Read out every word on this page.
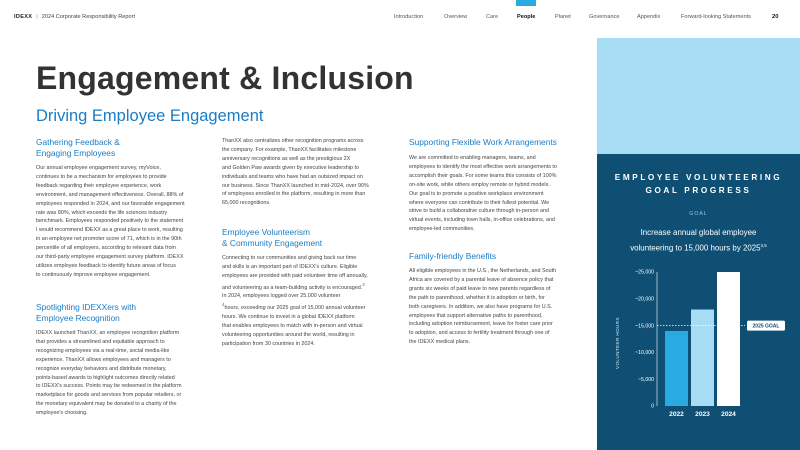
IDEXX | 2024 Corporate Responsibility Report	Introduction	Overview	Care	People	Planet	Governance	Appendix	Forward-looking Statements	20
Engagement & Inclusion
Driving Employee Engagement
Gathering Feedback &
Engaging Employees
Our annual employee engagement survey, myVoice,
continues to be a mechanism for employees to provide
feedback regarding their employee experience, work
environment, and management effectiveness. Overall, 88% of
employees responded in 2024, and our favorable engagement
rate was 80%, which exceeds the life sciences industry
benchmark. Employees responded positively to the statement
I would recommend IDEXX as a great place to work, resulting
in an employee net promoter score of 71, which is in the 90th
percentile of all employers, according to relevant data from
our third-party employee engagement survey platform. IDEXX
utilizes employee feedback to identify future areas of focus
to continuously improve employee engagement.
Spotlighting IDEXXers with
Employee Recognition
IDEXX launched ThanXX, an employee recognition platform
that provides a streamlined and equitable approach to
recognizing employees via a real-time, social media-like
experience. ThanXX allows employees and managers to
recognize everyday behaviors and distribute monetary,
points-based awards to highlight outcomes directly related
to IDEXX's success. Points may be redeemed in the platform
marketplace for goods and services from popular retailers, or
the monetary equivalent may be donated to a charity of the
employee's choosing.
ThanXX also centralizes other recognition programs across
the company. For example, ThanXX facilitates milestone
anniversary recognitions as well as the prestigious 2X
and Golden Paw awards given by executive leadership to
individuals and teams who have had an outsized impact on
our business. Since ThanXX launched in mid-2024, over 90%
of employees enrolled in the platform, resulting in more than
65,000 recognitions.
Employee Volunteerism
& Community Engagement
Connecting to our communities and giving back our time
and skills is an important part of IDEXX's culture. Eligible
employees are provided with paid volunteer time off annually,
and volunteering as a team-building activity is encouraged.$^3$
In 2024, employees logged over 25,000 volunteer
$^4$hours, exceeding our 2025 goal of 15,000 annual volunteer
hours. We continue to invest in a global IDEXX platform
that enables employees to match with in-person and virtual
volunteering opportunities around the world, resulting in
participation from 30 countries in 2024.
Supporting Flexible Work Arrangements
We are committed to enabling managers, teams, and
employees to identify the most effective work arrangements to
accomplish their goals. For some teams this consists of 100%
on-site work, while others employ remote or hybrid models.
Our goal is to promote a positive workplace environment
where everyone can contribute to their fullest potential. We
strive to build a collaborative culture through in-person and
virtual events, including town halls, in-office celebrations, and
employee-led communities.
Family-friendly Benefits
All eligible employees in the U.S., the Netherlands, and South
Africa are covered by a parental leave of absence policy that
grants six weeks of paid leave to new parents regardless of
the path to parenthood, whether it is adoption or birth, for
both caregivers. In addition, we also have programs for U.S.
employees that support alternative paths to parenthood,
including adoption reimbursement, leave for foster care prior
to adoption, and access to fertility treatment through one of
the IDEXX medical plans.
EMPLOYEE VOLUNTEERING
GOAL PROGRESS
GOAL
Increase annual global employee
volunteering to 15,000 hours by 2025$^{3,5}$
0
~5,000
~10,000
~15,000
~20,000
~25,000
2022 2023 2024
2025 GOAL
VOLUNTEER HOURS
